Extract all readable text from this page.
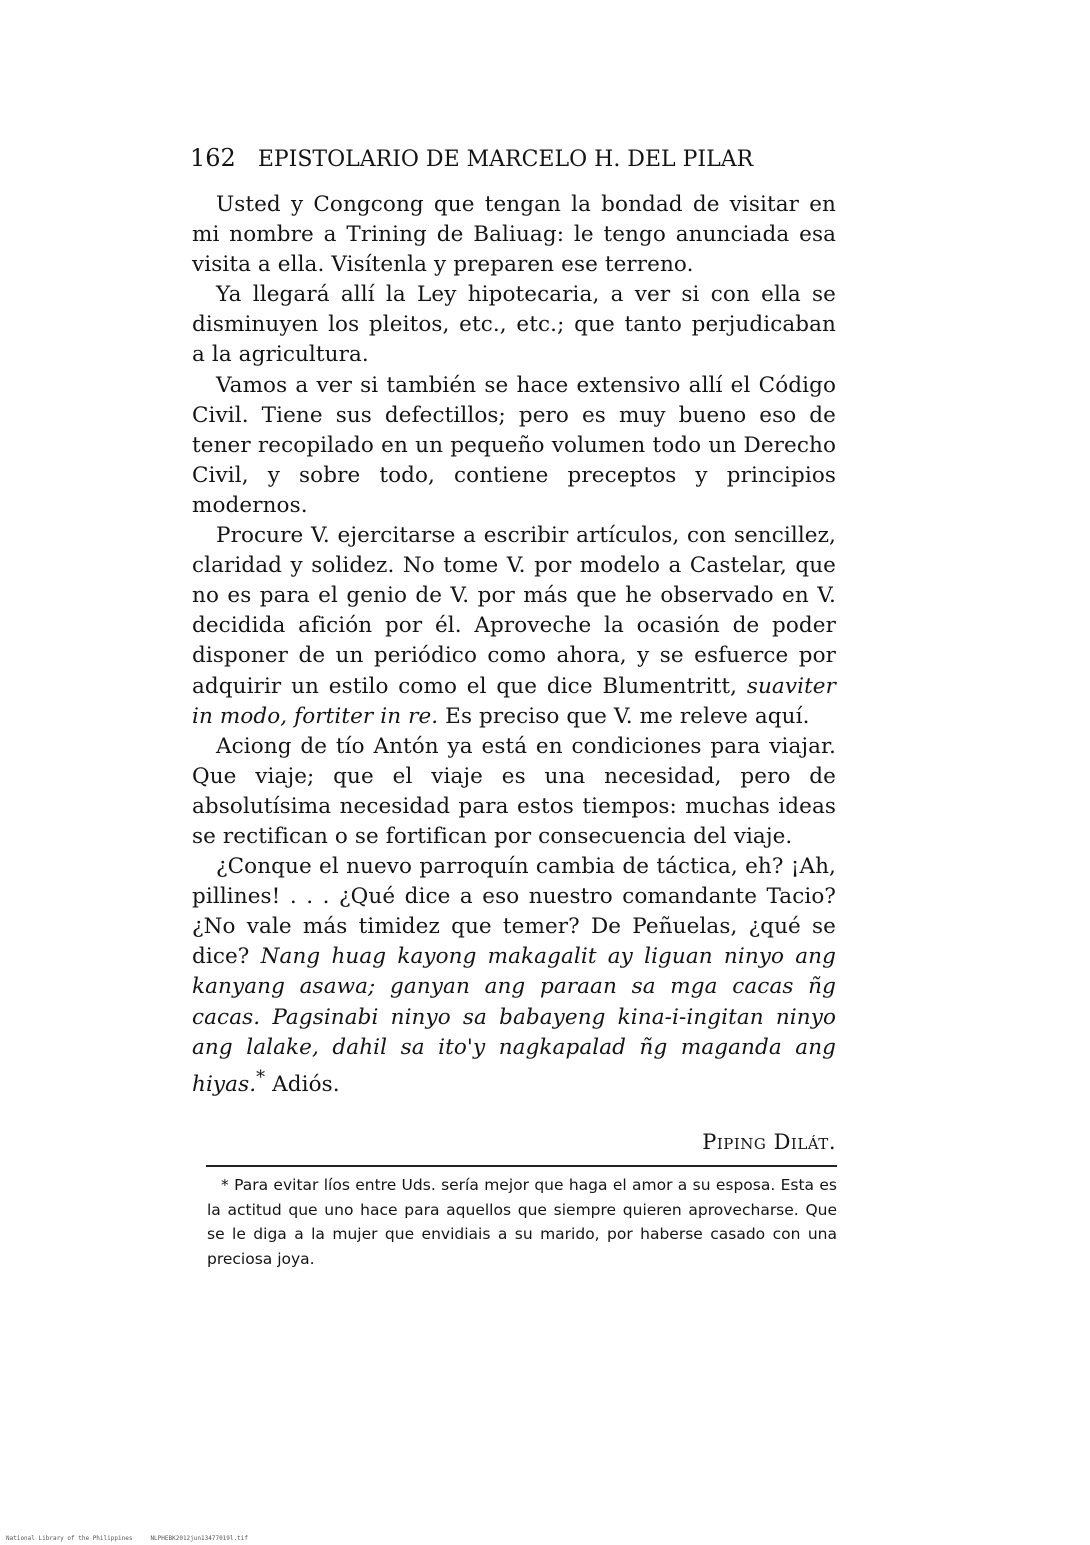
162 EPISTOLARIO DE MARCELO H. DEL PILAR

Usted y Congcong que tengan la bondad de visitar en mi nombre a Trining de Baliuag: le tengo anunciada esa visita a ella. Visítenla y preparen ese terreno.

Ya llegará allí la Ley hipotecaria, a ver si con ella se disminuyen los pleitos, etc., etc.; que tanto perjudicaban a la agricultura.

Vamos a ver si también se hace extensivo allí el Código Civil. Tiene sus defectillos; pero es muy bueno eso de tener recopilado en un pequeño volumen todo un Derecho Civil, y sobre todo, contiene preceptos y principios modernos.

Procure V. ejercitarse a escribir artículos, con sencillez, claridad y solidez. No tome V. por modelo a Castelar, que no es para el genio de V. por más que he observado en V. decidida afición por él. Aproveche la ocasión de poder disponer de un periódico como ahora, y se esfuerce por adquirir un estilo como el que dice Blumentritt, suaviter in modo, fortiter in re. Es preciso que V. me releve aquí.

Aciong de tío Antón ya está en condiciones para viajar. Que viaje; que el viaje es una necesidad, pero de absolutísima necesidad para estos tiempos: muchas ideas se rectifican o se fortifican por consecuencia del viaje.

¿Conque el nuevo parroquín cambia de táctica, eh? ¡Ah, pillines! . . . ¿Qué dice a eso nuestro comandante Tacio? ¿No vale más timidez que temer? De Peñuelas, ¿qué se dice? Nang huag kayong makagalit ay liguan ninyo ang kanyang asawa; ganyan ang paraan sa mga cacas ñg cacas. Pagsinabi ninyo sa babayeng kina-i-ingitan ninyo ang lalake, dahil sa ito'y nagkapalad ñg maganda ang hiyas.* Adiós.

Piping Dilát.

* Para evitar líos entre Uds. sería mejor que haga el amor a su esposa. Esta es la actitud que uno hace para aquellos que siempre quieren aprovecharse. Que se le diga a la mujer que envidiais a su marido, por haberse casado con una preciosa joya.

National Library of the Philippines	NLPHEBK2012jun13477019l.tif
